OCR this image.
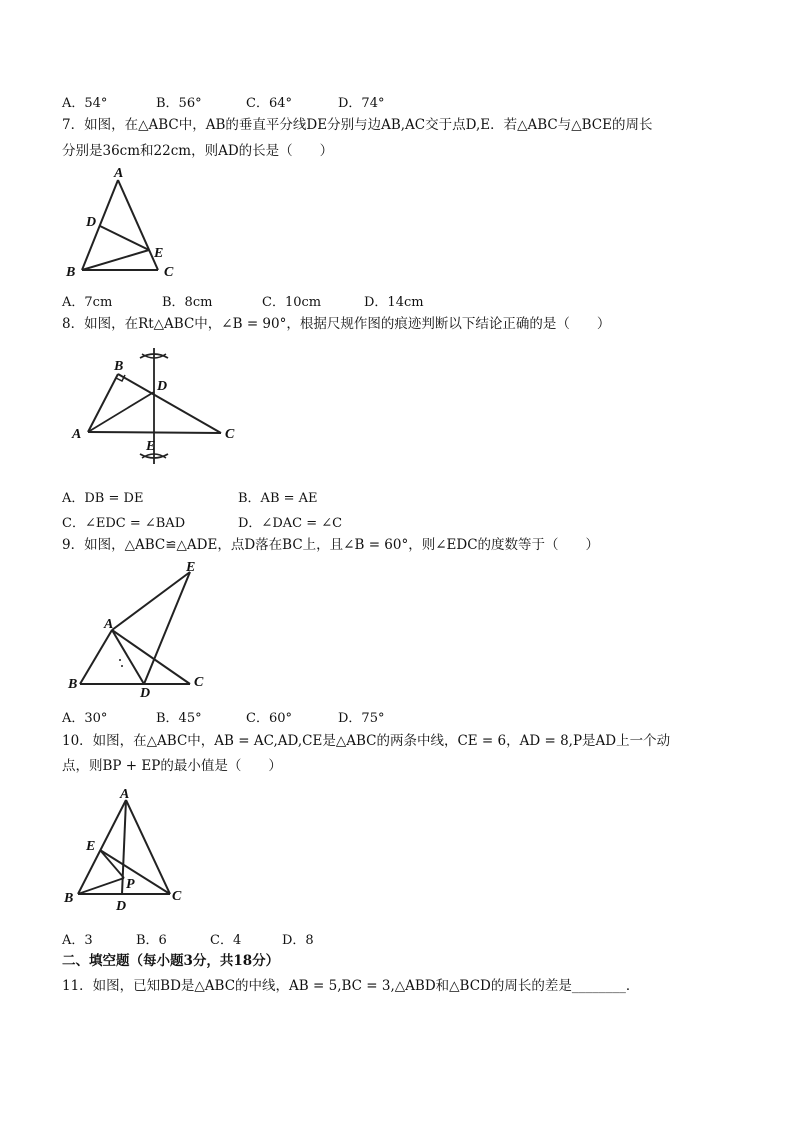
A．54°	B．56°	C．64°	D．74°
7．如图，在△ABC中，AB的垂直平分线DE分别与边AB,AC交于点D,E．若△ABC与△BCE的周长
分别是36cm和22cm，则AD的长是（　　）
A
D
E
B	C
A．7cm	B．8cm	C．10cm	D．14cm
8．如图，在Rt△ABC中，∠B = 90°，根据尺规作图的痕迹判断以下结论正确的是（　　）
B
D
A	C
E
A．DB = DE	B．AB = AE
C．∠EDC = ∠BAD	D．∠DAC = ∠C
9．如图，△ABC≌△ADE，点D落在BC上，且∠B = 60°，则∠EDC的度数等于（　　）
E
A
B
D
C
A．30°	B．45°	C．60°	D．75°
10．如图，在△ABC中，AB = AC,AD,CE是△ABC的两条中线，CE = 6，AD = 8,P是AD上一个动
点，则BP + EP的最小值是（　　）
A
E
P
B
D
C
A．3	B．6	C．4	D．8
二、填空题（每小题3分，共18分）
11．如图，已知BD是△ABC的中线，AB = 5,BC = 3,△ABD和△BCD的周长的差是________．
